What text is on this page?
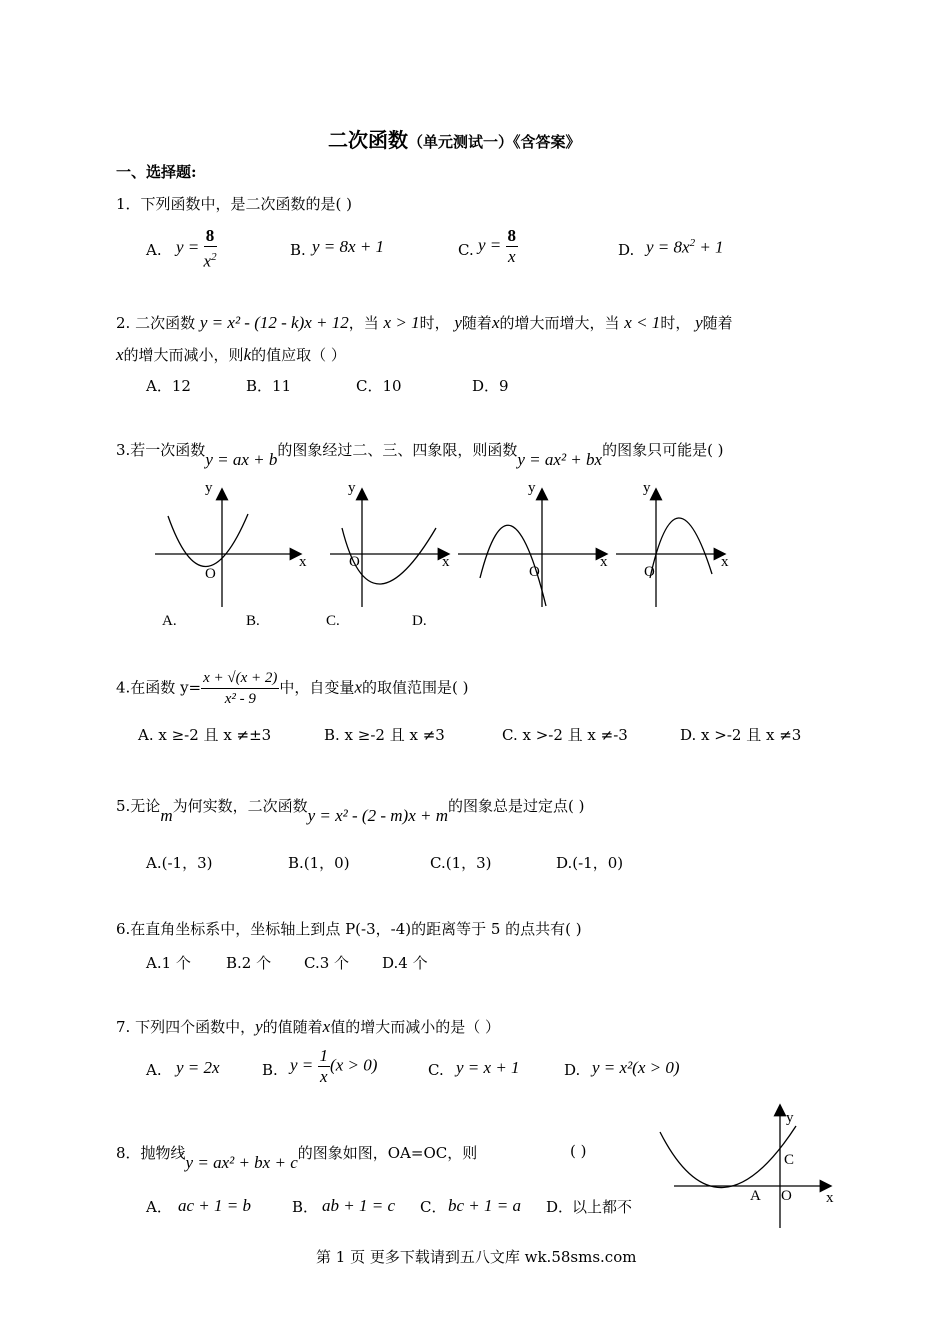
二次函数（单元测试一）《含答案》
一、选择题:
1．下列函数中，是二次函数的是( )
A. $y = \frac{8}{x^2}$	B. y = 8x + 1	C. $y = \frac{8}{x}$	D. $y = 8x^2 + 1$
2. 二次函数 y = x² - (12 - k)x + 12，当 x > 1时， y随着x的增大而增大，当 x < 1时， y随着
x的增大而减小，则k的值应取（ ）
A．12	B．11	C．10	D．9
3.若一次函数y = ax + b的图象经过二、三、四象限，则函数y = ax² + bx的图象只可能是( )
y
x
O
y
x
O
y
x
O
y
x
O
A.	B.	C.	D.
4.在函数 $y= \frac{x + √(x + 2)}{\text{x² - 9}}$ 中，自变量x的取值范围是( )
A. x ≥-2 且 x ≠±3	B. x ≥-2 且 x ≠3	C. x >-2 且 x ≠-3	D. x >-2 且 x ≠3
5.无论m为何实数，二次函数y = x² - (2 - m)x + m的图象总是过定点( )
A.(-1，3)	B.(1，0)	C.(1，3)	D.(-1，0)
6.在直角坐标系中，坐标轴上到点 P(-3，-4)的距离等于 5 的点共有( )
A.1 个 B.2 个 C.3 个 D.4 个
7. 下列四个函数中，y的值随着x值的增大而减小的是（ ）
A. y = 2x	B. $y = \frac{1}{x} (x > 0)$	C. y = x + 1	D. y = x²(x > 0)
8．抛物线y = ax² + bx + c的图象如图，OA=OC，则	( )
A． ac + 1 = b	B． ab + 1 = c C． bc + 1 = a D．
以上都不
y
x
C
A O
第 1 页 更多下载请到五八文库 wk.58sms.com
